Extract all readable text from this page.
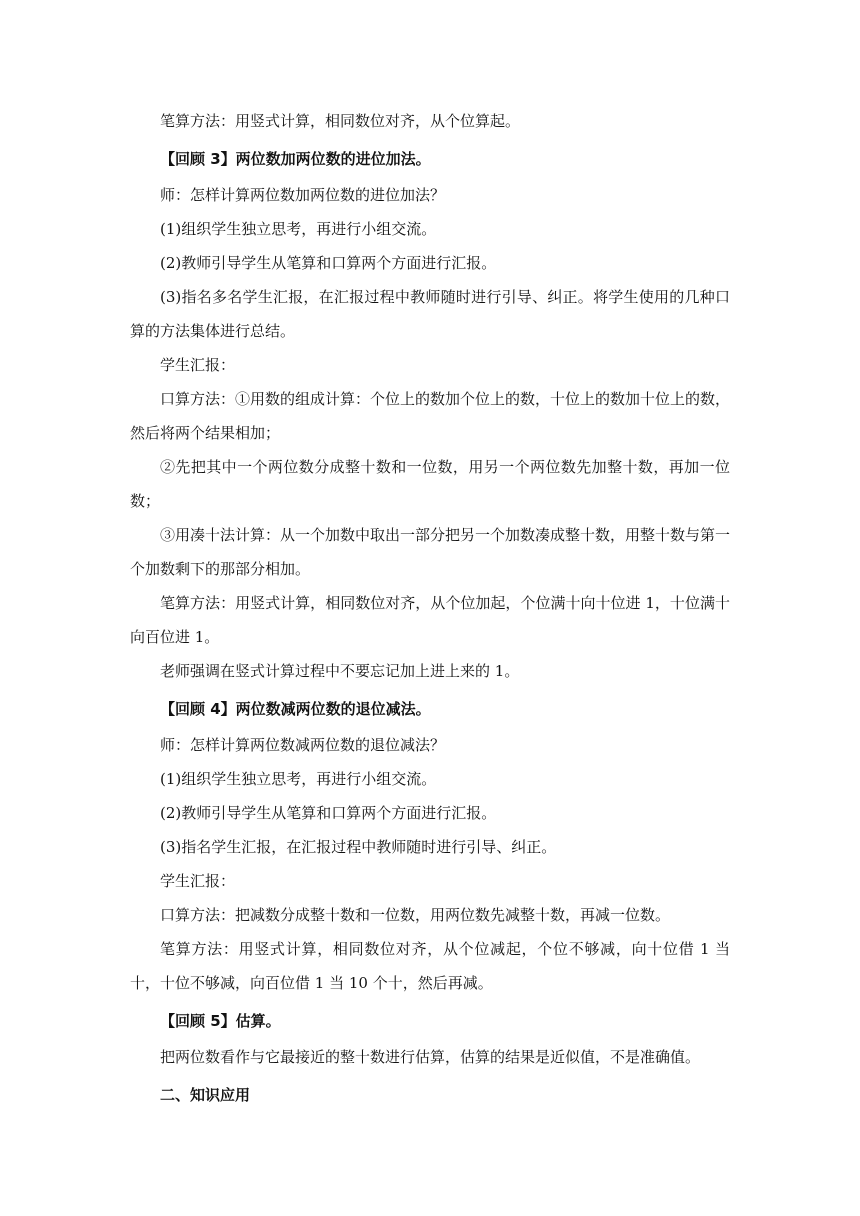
笔算方法：用竖式计算，相同数位对齐，从个位算起。

【回顾 3】两位数加两位数的进位加法。

师：怎样计算两位数加两位数的进位加法？

(1)组织学生独立思考，再进行小组交流。

(2)教师引导学生从笔算和口算两个方面进行汇报。

(3)指名多名学生汇报，在汇报过程中教师随时进行引导、纠正。将学生使用的几种口算的方法集体进行总结。

学生汇报：

口算方法：①用数的组成计算：个位上的数加个位上的数，十位上的数加十位上的数，然后将两个结果相加；

②先把其中一个两位数分成整十数和一位数，用另一个两位数先加整十数，再加一位数；

③用凑十法计算：从一个加数中取出一部分把另一个加数凑成整十数，用整十数与第一个加数剩下的那部分相加。

笔算方法：用竖式计算，相同数位对齐，从个位加起，个位满十向十位进 1，十位满十向百位进 1。

老师强调在竖式计算过程中不要忘记加上进上来的 1。

【回顾 4】两位数减两位数的退位减法。

师：怎样计算两位数减两位数的退位减法？

(1)组织学生独立思考，再进行小组交流。

(2)教师引导学生从笔算和口算两个方面进行汇报。

(3)指名学生汇报，在汇报过程中教师随时进行引导、纠正。

学生汇报：

口算方法：把减数分成整十数和一位数，用两位数先减整十数，再减一位数。

笔算方法：用竖式计算，相同数位对齐，从个位减起，个位不够减，向十位借 1 当十，十位不够减，向百位借 1 当 10 个十，然后再减。

【回顾 5】估算。

把两位数看作与它最接近的整十数进行估算，估算的结果是近似值，不是准确值。

二、知识应用
